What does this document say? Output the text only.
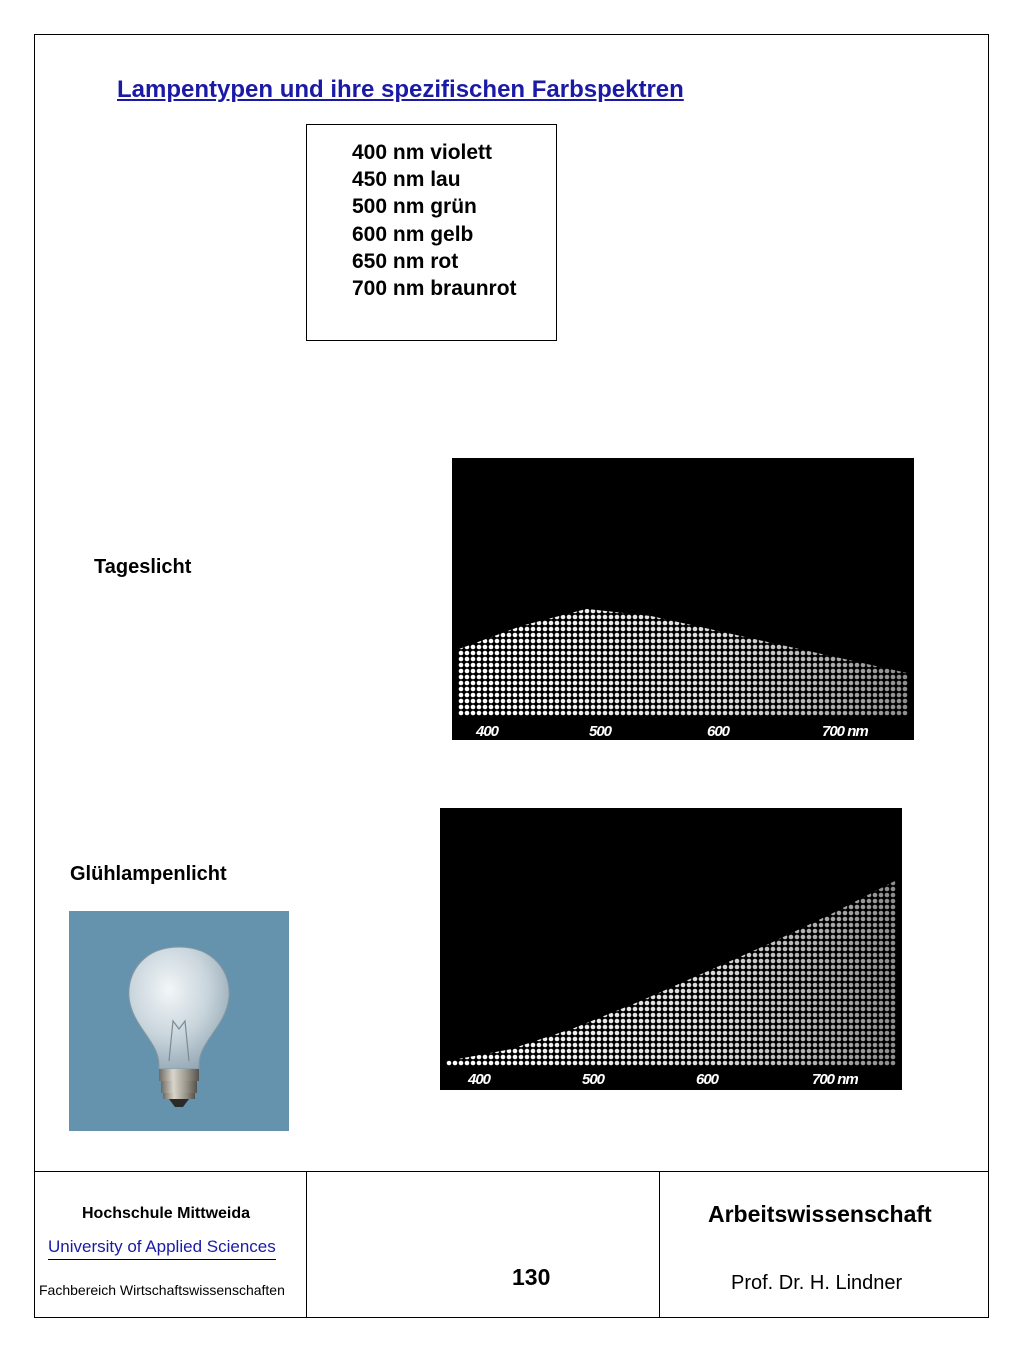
Lampentypen und ihre spezifischen Farbspektren
400 nm violett
450 nm lau
500 nm grün
600 nm gelb
650 nm rot
700 nm braunrot
Tageslicht
400	500	600	700 nm
Glühlampenlicht
400	500	600	700 nm
Hochschule Mittweida
University of Applied Sciences
Fachbereich Wirtschaftswissenschaften	130
Arbeitswissenschaft
Prof. Dr. H. Lindner
